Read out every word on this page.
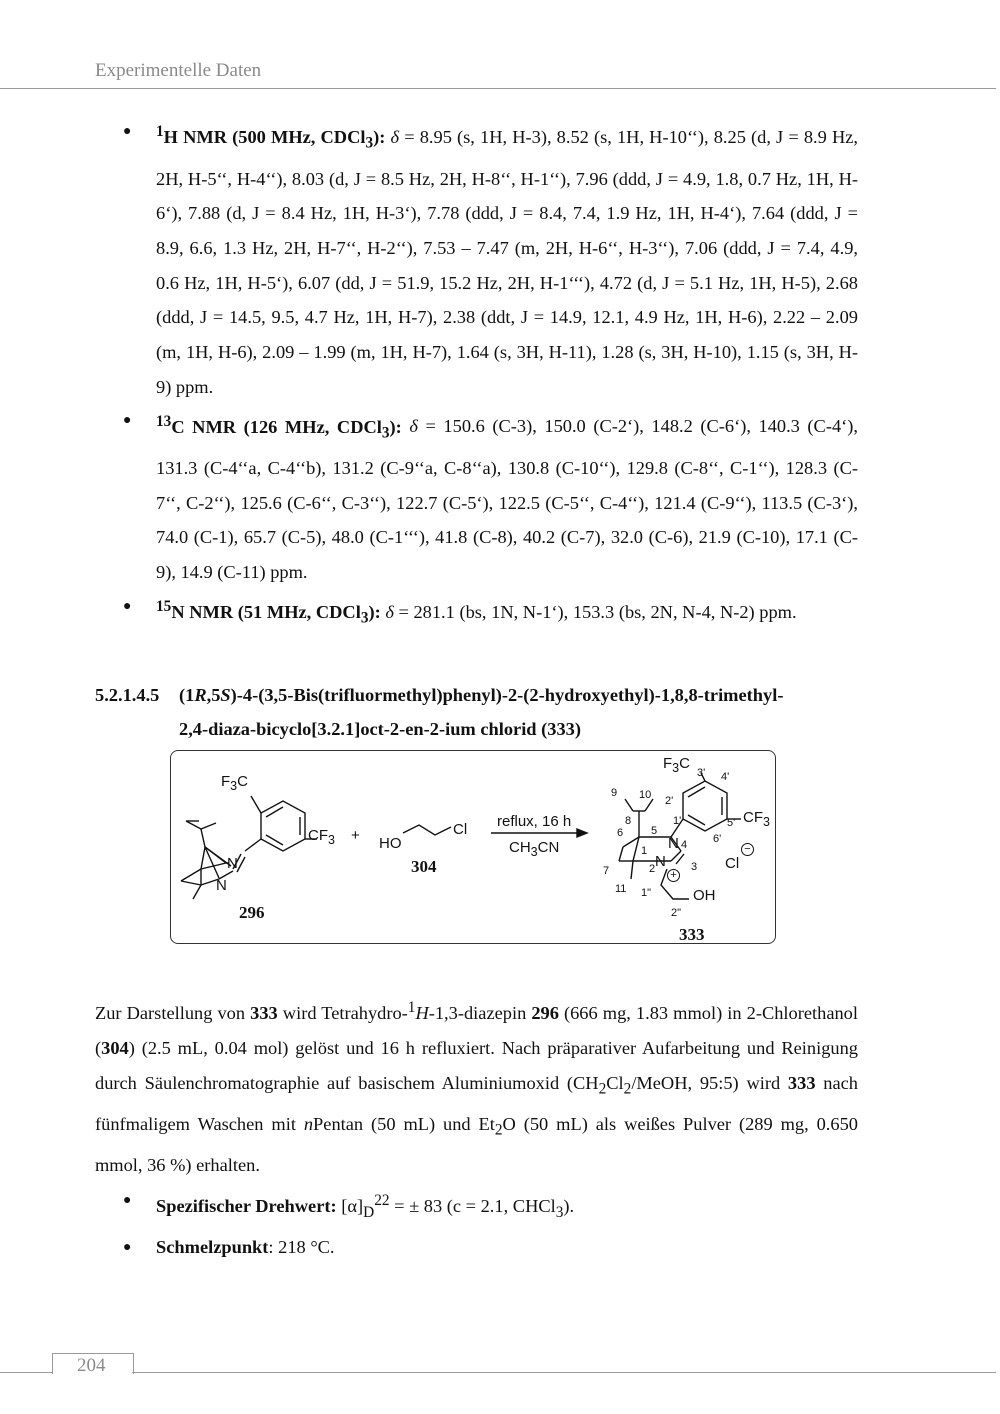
Experimentelle Daten
● $^1$H NMR (500 MHz, CDCl$_3$): δ = 8.95 (s, 1H, H-3), 8.52 (s, 1H, H-10‘‘), 8.25 (d, J = 8.9 Hz, 2H, H-5‘‘, H-4‘‘), 8.03 (d, J = 8.5 Hz, 2H, H-8‘‘, H-1‘‘), 7.96 (ddd, J = 4.9, 1.8, 0.7 Hz, 1H, H-6‘), 7.88 (d, J = 8.4 Hz, 1H, H-3‘), 7.78 (ddd, J = 8.4, 7.4, 1.9 Hz, 1H, H-4‘), 7.64 (ddd, J = 8.9, 6.6, 1.3 Hz, 2H, H-7‘‘, H-2‘‘), 7.53 – 7.47 (m, 2H, H-6‘‘, H-3‘‘), 7.06 (ddd, J = 7.4, 4.9, 0.6 Hz, 1H, H-5‘), 6.07 (dd, J = 51.9, 15.2 Hz, 2H, H-1‘‘‘), 4.72 (d, J = 5.1 Hz, 1H, H-5), 2.68 (ddd, J = 14.5, 9.5, 4.7 Hz, 1H, H-7), 2.38 (ddt, J = 14.9, 12.1, 4.9 Hz, 1H, H-6), 2.22 – 2.09 (m, 1H, H-6), 2.09 – 1.99 (m, 1H, H-7), 1.64 (s, 3H, H-11), 1.28 (s, 3H, H-10), 1.15 (s, 3H, H-9) ppm.
● $^{13}$C NMR (126 MHz, CDCl$_3$): δ = 150.6 (C-3), 150.0 (C-2‘), 148.2 (C-6‘), 140.3 (C-4‘), 131.3 (C-4‘‘a, C-4‘‘b), 131.2 (C-9‘‘a, C-8‘‘a), 130.8 (C-10‘‘), 129.8 (C-8‘‘, C-1‘‘), 128.3 (C-7‘‘, C-2‘‘), 125.6 (C-6‘‘, C-3‘‘), 122.7 (C-5‘), 122.5 (C-5‘‘, C-4‘‘), 121.4 (C-9‘‘), 113.5 (C-3‘), 74.0 (C-1), 65.7 (C-5), 48.0 (C-1‘‘‘), 41.8 (C-8), 40.2 (C-7), 32.0 (C-6), 21.9 (C-10), 17.1 (C-9), 14.9 (C-11) ppm.
● $^{15}$N NMR (51 MHz, CDCl$_3$): δ = 281.1 (bs, 1N, N-1‘), 153.3 (bs, 2N, N-4, N-2) ppm.
5.2.1.4.5 (1R,5S)-4-(3,5-Bis(trifluormethyl)phenyl)-2-(2-hydroxyethyl)-1,8,8-trimethyl-
2,4-diaza-bicyclo[3.2.1]oct-2-en-2-ium chlorid (333)
$F_3C$
$CF_3$
N
N
296
+ HO
Cl
304
reflux, 16 h
$CH_3CN$
$F_3C$
$CF_3$
N
N
OH
Cl
+
−
9 10
8
6	5
7
1
2	3
4
11 1"
2"
2'
3' 4'
5'
6'
1'
333

Zur Darstellung von 333 wird Tetrahydro-$^1$H-1,3-diazepin 296 (666 mg, 1.83 mmol) in 2-Chlorethanol (304) (2.5 mL, 0.04 mol) gelöst und 16 h refluxiert. Nach präparativer Aufarbeitung und Reinigung durch Säulenchromatographie auf basischem Aluminiumoxid ($CH_2Cl_2$/MeOH, 95:5) wird 333 nach fünfmaligem Waschen mit nPentan (50 mL) und $Et_2O$ (50 mL) als weißes Pulver (289 mg, 0.650 mmol, 36 %) erhalten.

● Spezifischer Drehwert: $[\alpha]_D^{22}$ = ± 83 (c = 2.1, CHCl$_3$).
● Schmelzpunkt: 218 °C.
204
